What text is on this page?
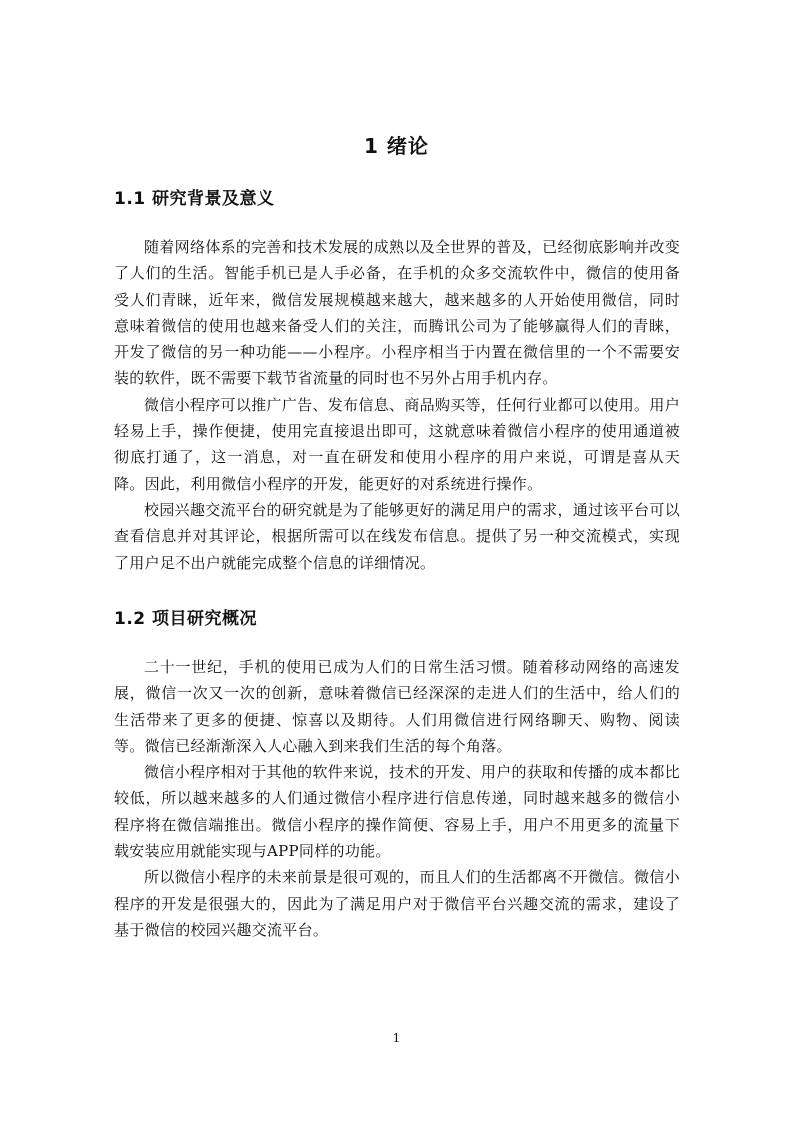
1 绪论
1.1 研究背景及意义

随着网络体系的完善和技术发展的成熟以及全世界的普及，已经彻底影响并改变了人们的生活。智能手机已是人手必备，在手机的众多交流软件中，微信的使用备受人们青睐，近年来，微信发展规模越来越大，越来越多的人开始使用微信，同时意味着微信的使用也越来备受人们的关注，而腾讯公司为了能够赢得人们的青睐，开发了微信的另一种功能——小程序。小程序相当于内置在微信里的一个不需要安装的软件，既不需要下载节省流量的同时也不另外占用手机内存。

微信小程序可以推广广告、发布信息、商品购买等，任何行业都可以使用。用户轻易上手，操作便捷，使用完直接退出即可，这就意味着微信小程序的使用通道被彻底打通了，这一消息，对一直在研发和使用小程序的用户来说，可谓是喜从天降。因此，利用微信小程序的开发，能更好的对系统进行操作。

校园兴趣交流平台的研究就是为了能够更好的满足用户的需求，通过该平台可以查看信息并对其评论，根据所需可以在线发布信息。提供了另一种交流模式，实现了用户足不出户就能完成整个信息的详细情况。

1.2 项目研究概况

二十一世纪，手机的使用已成为人们的日常生活习惯。随着移动网络的高速发展，微信一次又一次的创新，意味着微信已经深深的走进人们的生活中，给人们的生活带来了更多的便捷、惊喜以及期待。人们用微信进行网络聊天、购物、阅读等。微信已经渐渐深入人心融入到来我们生活的每个角落。

微信小程序相对于其他的软件来说，技术的开发、用户的获取和传播的成本都比较低，所以越来越多的人们通过微信小程序进行信息传递，同时越来越多的微信小程序将在微信端推出。微信小程序的操作简便、容易上手，用户不用更多的流量下载安装应用就能实现与APP同样的功能。

所以微信小程序的未来前景是很可观的，而且人们的生活都离不开微信。微信小程序的开发是很强大的，因此为了满足用户对于微信平台兴趣交流的需求，建设了基于微信的校园兴趣交流平台。

1
